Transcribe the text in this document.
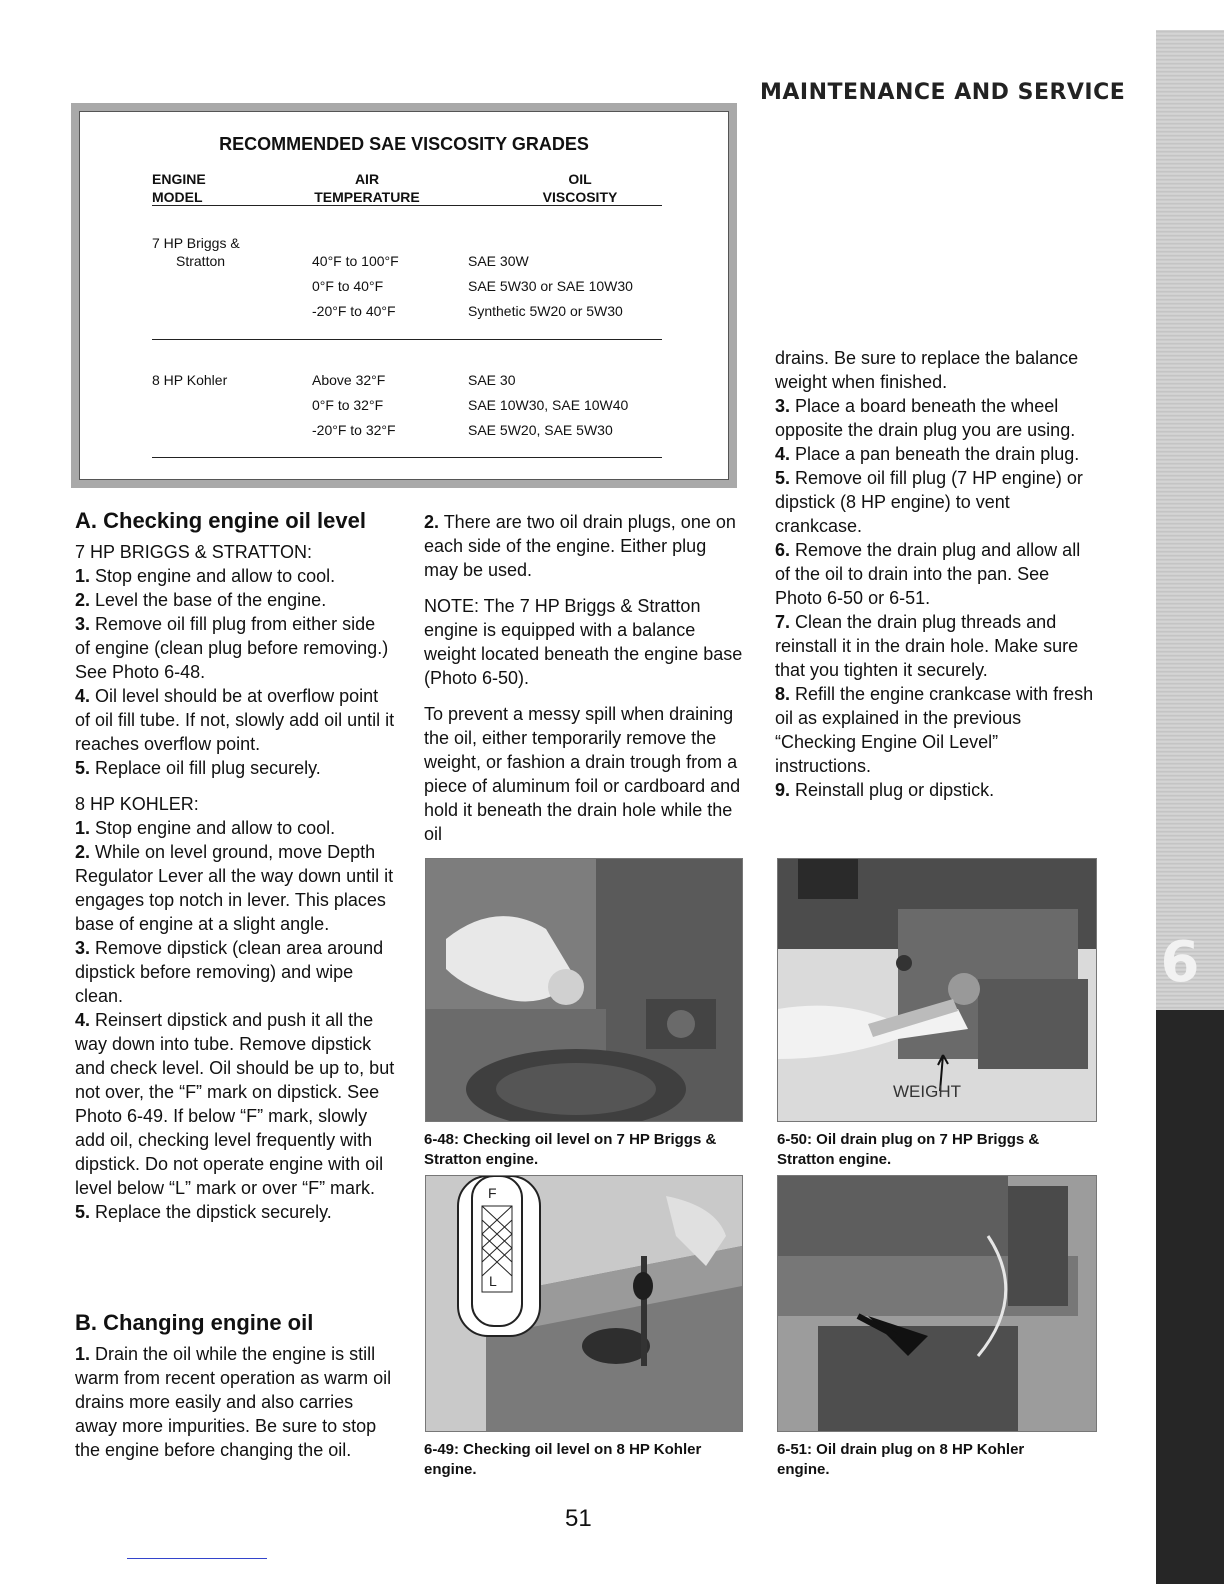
6
MAINTENANCE AND SERVICE
RECOMMENDED SAE VISCOSITY GRADES
ENGINE
MODEL
AIR
TEMPERATURE
OIL
VISCOSITY
7 HP Briggs &
Stratton	40°F to 100°F
0°F to 40°F
-20°F to 40°F
SAE 30W
SAE 5W30 or SAE 10W30
Synthetic 5W20 or 5W30
8 HP Kohler	Above 32°F
0°F to 32°F
-20°F to 32°F
SAE 30
SAE 10W30, SAE 10W40
SAE 5W20, SAE 5W30
A. Checking engine oil level

7 HP BRIGGS & STRATTON:

1. Stop engine and allow to cool.

2. Level the base of the engine.

3. Remove oil fill plug from either side of engine (clean plug before removing.) See Photo 6-48.

4. Oil level should be at overflow point of oil fill tube. If not, slowly add oil until it reaches overflow point.

5. Replace oil fill plug securely.

8 HP KOHLER:

1. Stop engine and allow to cool.

2. While on level ground, move Depth Regulator Lever all the way down until it engages top notch in lever. This places base of engine at a slight angle.

3. Remove dipstick (clean area around dipstick before removing) and wipe clean.

4. Reinsert dipstick and push it all the way down into tube. Remove dipstick and check level. Oil should be up to, but not over, the “F” mark on dipstick. See Photo 6-49. If below “F” mark, slowly add oil, checking level frequently with dipstick. Do not operate engine with oil level below “L” mark or over “F” mark.

5. Replace the dipstick securely.

B. Changing engine oil

1. Drain the oil while the engine is still warm from recent operation as warm oil drains more easily and also carries away more impurities. Be sure to stop the engine before changing the oil.

2. There are two oil drain plugs, one on each side of the engine. Either plug may be used.

NOTE: The 7 HP Briggs & Stratton engine is equipped with a balance weight located beneath the engine base (Photo 6-50).

To prevent a messy spill when draining the oil, either temporarily remove the weight, or fashion a drain trough from a piece of aluminum foil or cardboard and hold it beneath the drain hole while the oil

drains. Be sure to replace the balance weight when finished.

3. Place a board beneath the wheel opposite the drain plug you are using.

4. Place a pan beneath the drain plug.

5. Remove oil fill plug (7 HP engine) or dipstick (8 HP engine) to vent crankcase.

6. Remove the drain plug and allow all of the oil to drain into the pan. See Photo 6-50 or 6-51.

7. Clean the drain plug threads and reinstall it in the drain hole. Make sure that you tighten it securely.

8. Refill the engine crankcase with fresh oil as explained in the previous “Checking Engine Oil Level” instructions.

9. Reinstall plug or dipstick.

6-48: Checking oil level on 7 HP Briggs & Stratton engine.
F
L
6-49: Checking oil level on 8 HP Kohler engine.
WEIGHT
6-50: Oil drain plug on 7 HP Briggs & Stratton engine.
6-51: Oil drain plug on 8 HP Kohler engine.
51
